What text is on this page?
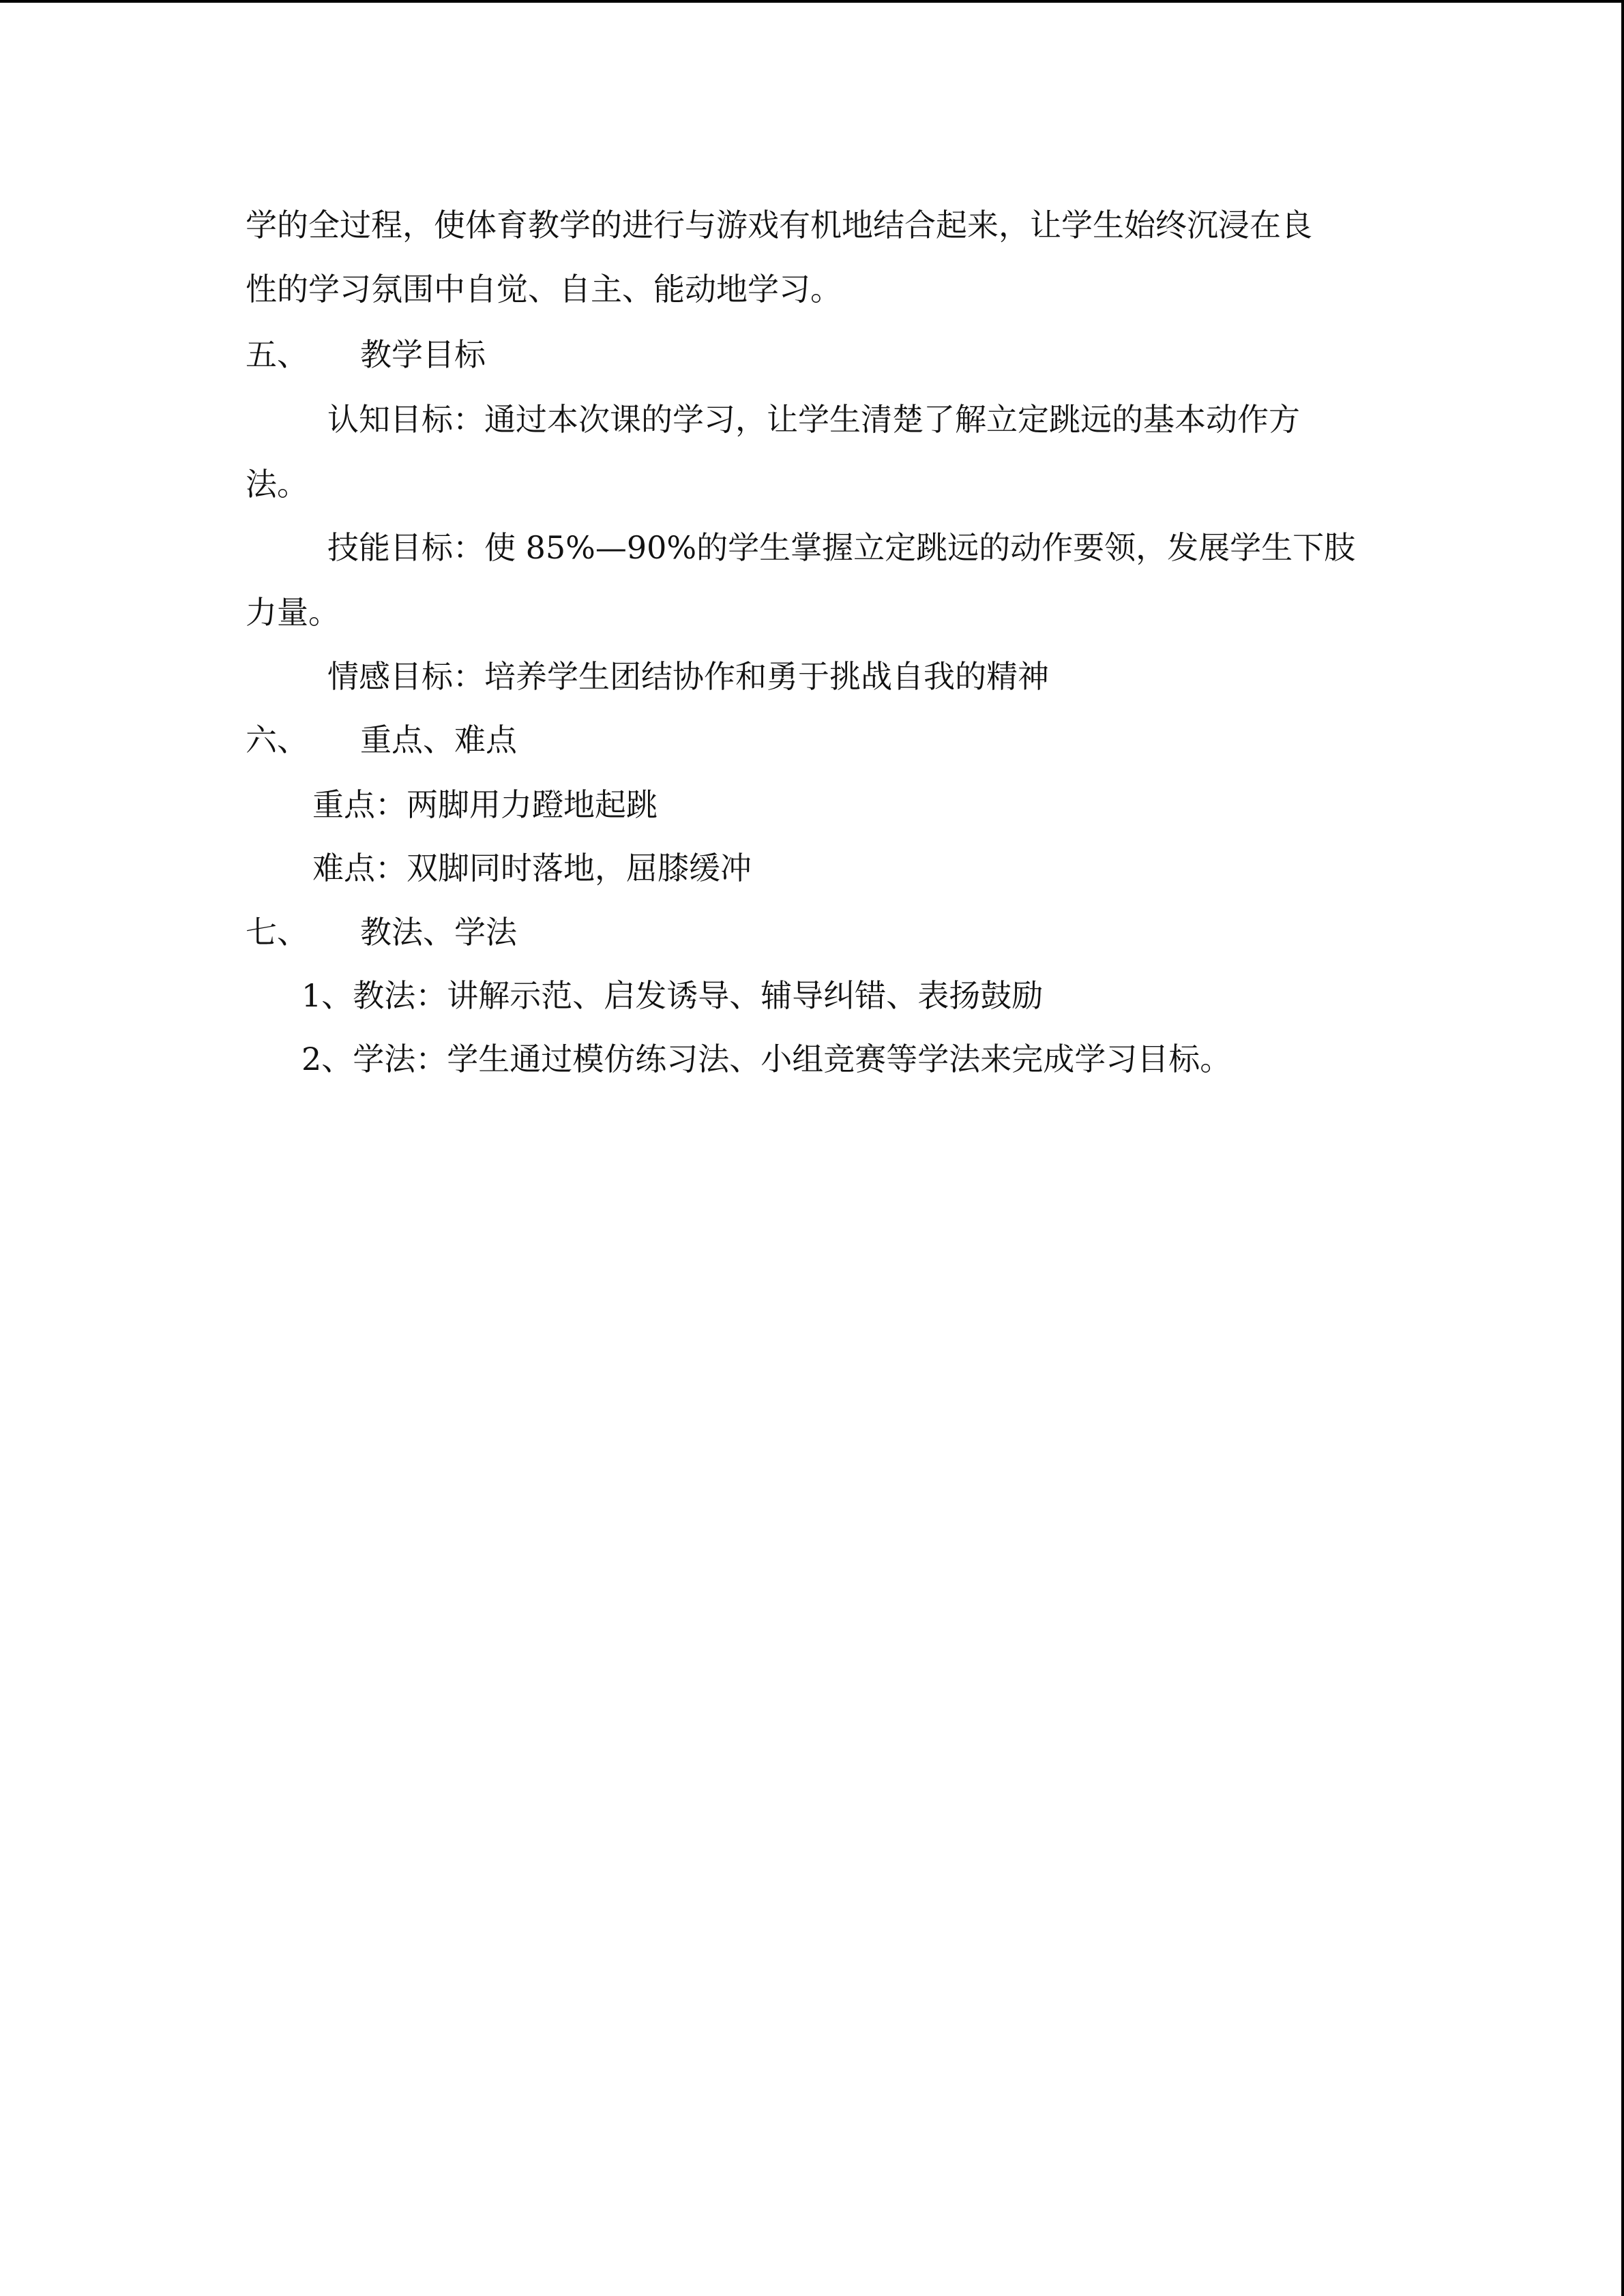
学的全过程，使体育教学的进行与游戏有机地结合起来，让学生始终沉浸在良
性的学习氛围中自觉、自主、能动地学习。
五、 教学目标
认知目标：通过本次课的学习，让学生清楚了解立定跳远的基本动作方
法。
技能目标：使 85%—90%的学生掌握立定跳远的动作要领，发展学生下肢
力量。
情感目标：培养学生团结协作和勇于挑战自我的精神
六、 重点、难点
重点：两脚用力蹬地起跳
难点：双脚同时落地，屈膝缓冲
七、 教法、学法
1、教法：讲解示范、启发诱导、辅导纠错、表扬鼓励
2、学法：学生通过模仿练习法、小组竞赛等学法来完成学习目标。
